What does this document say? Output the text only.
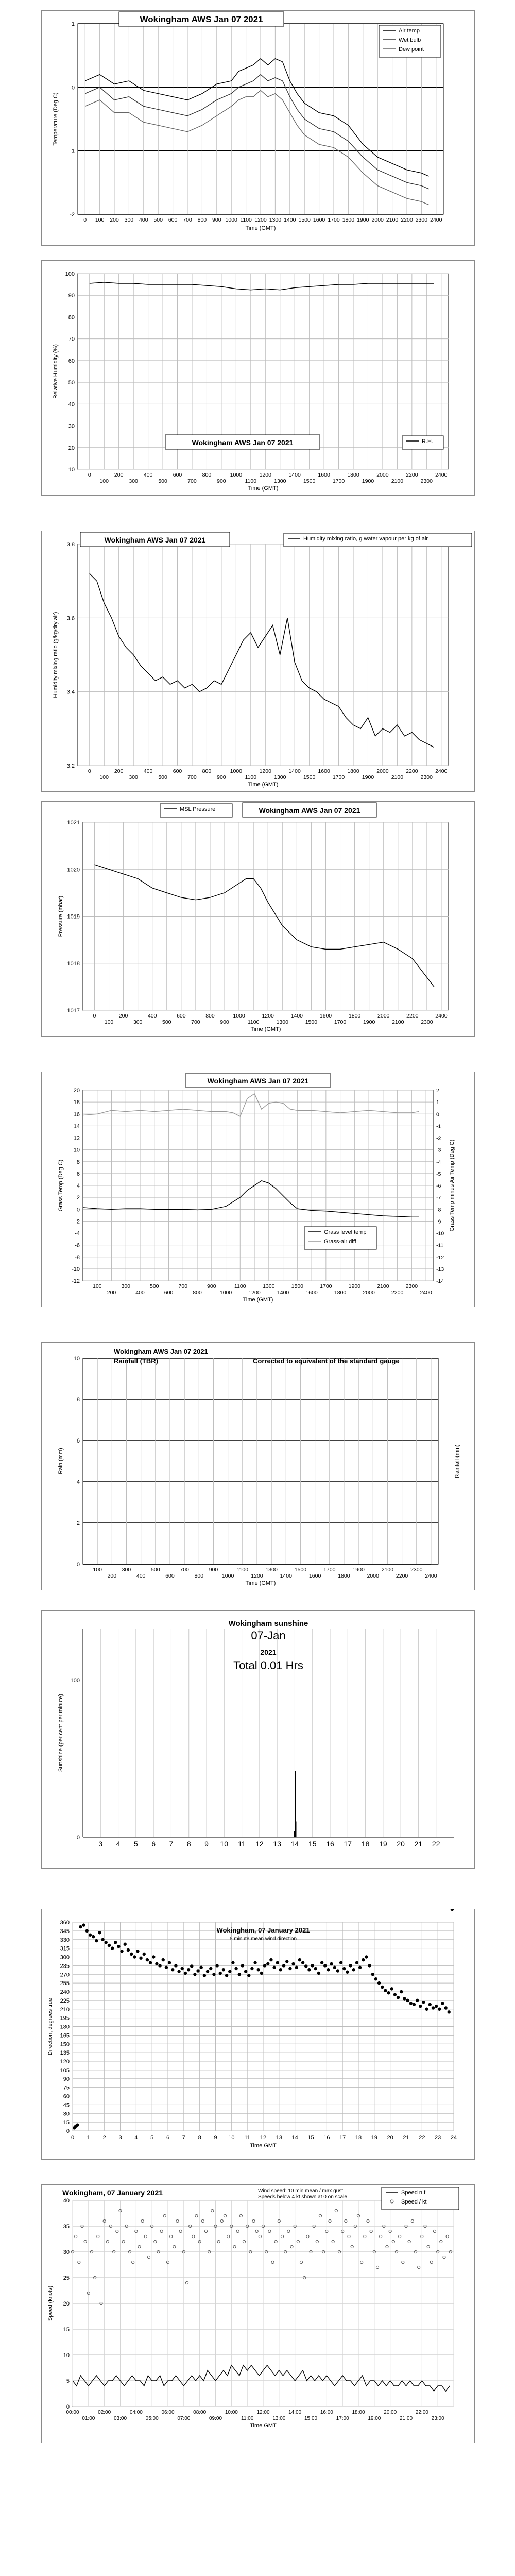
-2
-1
0
1
0 100 200 300 400 500 600 700 800 900 1000 1100 1200 1300 1400 1500 1600 1700 1800 1900 2000 2100 2200 2300 2400
Time (GMT)
Temperature (Deg C)
Wokingham AWS Jan 07 2021
Air temp
Wet bulb
Dew point
10
20
30
40
50
60
70
80
90
100
0
100
200
300
400
500
600
700
800
900
1000
1100
1200
1300
1400
1500
1600
1700
1800
1900
2000
2100
2200
2300
2400
Time (GMT)
Relative Humidity (%)
Wokingham AWS Jan 07 2021	R.H.
3.2
3.4
3.6
3.8
0
100
200
300
400
500
600
700
800
900
1000
1100
1200
1300
1400
1500
1600
1700
1800
1900
2000
2100
2200
2300
2400
Time (GMT)
Humidity mixing ratio (g/kg/dry air)
Wokingham AWS Jan 07 2021	Humidity mixing ratio, g water vapour per kg of air
1017
1018
1019
1020
1021
0
100
200
300
400
500
600
700
800
900
1000
1100
1200
1300
1400
1500
1600
1700
1800
1900
2000
2100
2200
2300
2400
Time (GMT)
Pressure (mbar)
MSL Pressure	Wokingham AWS Jan 07 2021
-12
-10
-8
-6
-4
-2
0
2
4
6
8
10
12
14
16
18
20
-14
-13
-12
-11
-10
-9
-8
-7
-6
-5
-4
-3
-2
-1
0
1
2
100
200
300
400
500
600
700
800
900
1000
1100
1200
1300
1400
1500
1600
1700
1800
1900
2000
2100
2200
2300
2400
Time (GMT)
Grass Temp (Deg C)	Grass Temp minus Air Temp (Deg C)
Wokingham AWS Jan 07 2021
Grass level temp
Grass-air diff
0
2
4
6
8
10
100
200
300
400
500
600
700
800
900
1000
1100
1200
1300
1400
1500
1600
1700
1800
1900
2000
2100
2200
2300
2400
Time (GMT)
Rain (mm)	Rainfall (mm)
Wokingham AWS Jan 07 2021
Rainfall (TBR)	Corrected to equivalent of the standard gauge
0
100
3 4 5 6 7 8 9 10 11 12 13 14 15 16 17 18 19 20 21 22
Sunshine (per cent per minute)
Wokingham sunshine
07-Jan
2021
Total 0.01 Hrs
0
15
30
45
60
75
90
105
120
135
150
165
180
195
210
225
240
255
270
285
300
315
330
345
360
0 1 2 3 4 5 6 7 8 9 10 11 12 13 14 15 16 17 18 19 20 21 22 23 24
Time GMT
Direction, degrees true
Wokingham, 07 January 2021
5 minute mean wind direction
0
5
10
15
20
25
30
35
40
00:00	02:00	04:00	06:00	08:00	10:00	12:00	14:00	16:00	18:00	20:00	22:00
01:00	03:00	05:00	07:00	09:00	11:00	13:00	15:00	17:00	19:00	21:00	23:00
Time GMT
Speed (knots)
Wokingham, 07 January 2021	Wind speed: 10 min mean / max gust
Speeds below 4 kt shown at 0 on scale
Speed n.f
Speed / kt
